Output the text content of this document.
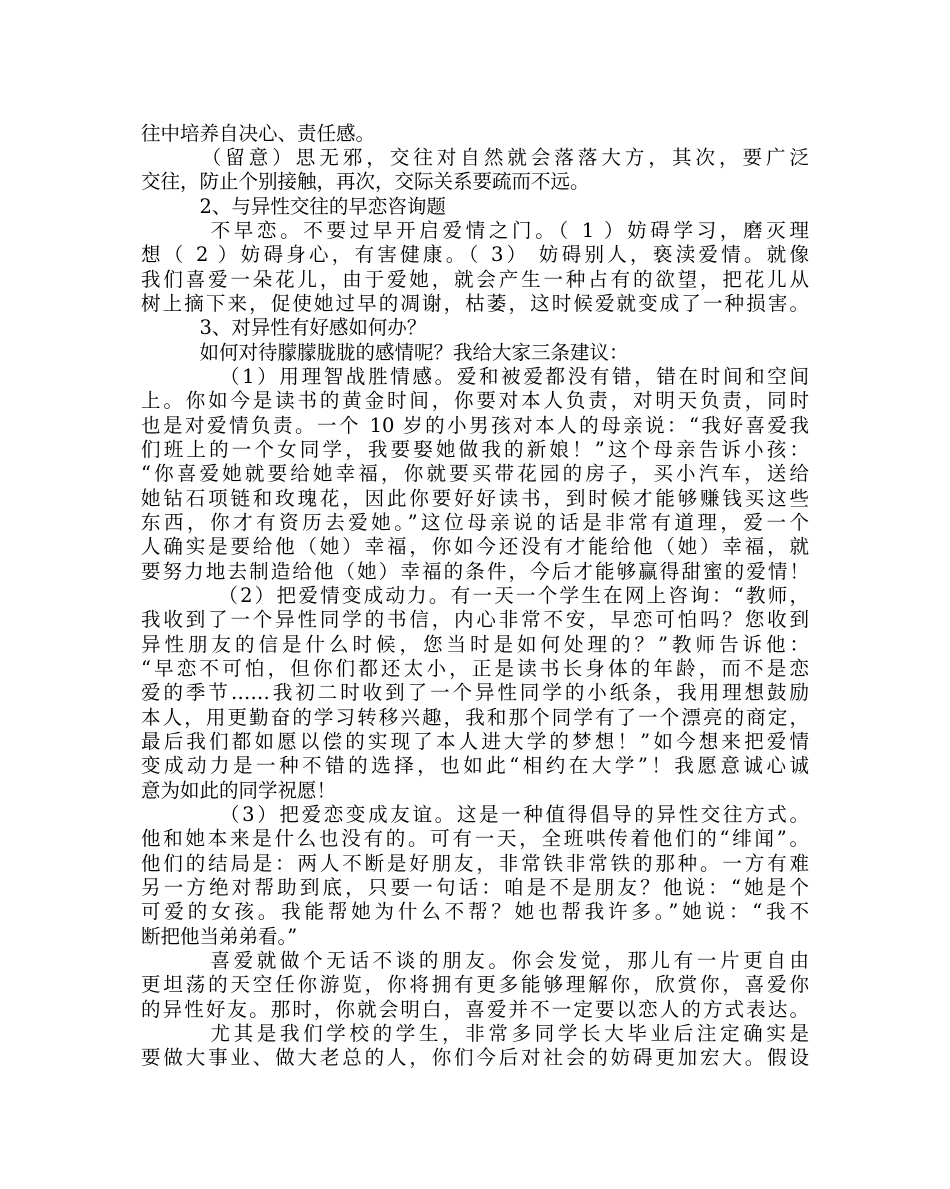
往中培养自决心、责任感。
　　　（留意）思无邪，交往对自然就会落落大方，其次，要广泛
交往，防止个别接触，再次，交际关系要疏而不远。
　　　2、与异性交往的早恋咨询题
　　　不早恋。不要过早开启爱情之门。（ 1 ）妨碍学习，磨灭理
想（ 2 ）妨碍身心，有害健康。（ 3） 妨碍别人，亵渎爱情。就像
我们喜爱一朵花儿，由于爱她，就会产生一种占有的欲望，把花儿从
树上摘下来，促使她过早的凋谢，枯萎，这时候爱就变成了一种损害。
　　　3、对异性有好感如何办？
　　　如何对待朦朦胧胧的感情呢？我给大家三条建议：
　　　　（1）用理智战胜情感。爱和被爱都没有错，错在时间和空间
上。你如今是读书的黄金时间，你要对本人负责，对明天负责，同时
也是对爱情负责。一个 10 岁的小男孩对本人的母亲说：“我好喜爱我
们班上的一个女同学，我要娶她做我的新娘！”这个母亲告诉小孩：
“你喜爱她就要给她幸福，你就要买带花园的房子，买小汽车，送给
她钻石项链和玫瑰花，因此你要好好读书，到时候才能够赚钱买这些
东西，你才有资历去爱她。”这位母亲说的话是非常有道理，爱一个
人确实是要给他（她）幸福，你如今还没有才能给他（她）幸福，就
要努力地去制造给他（她）幸福的条件，今后才能够赢得甜蜜的爱情！
　　　　（2）把爱情变成动力。有一天一个学生在网上咨询：“教师，
我收到了一个异性同学的书信，内心非常不安，早恋可怕吗？您收到
异性朋友的信是什么时候，您当时是如何处理的？”教师告诉他：
“早恋不可怕，但你们都还太小，正是读书长身体的年龄，而不是恋
爱的季节……我初二时收到了一个异性同学的小纸条，我用理想鼓励
本人，用更勤奋的学习转移兴趣，我和那个同学有了一个漂亮的商定，
最后我们都如愿以偿的实现了本人进大学的梦想！”如今想来把爱情
变成动力是一种不错的选择，也如此“相约在大学”！我愿意诚心诚
意为如此的同学祝愿！
　　　　（3）把爱恋变成友谊。这是一种值得倡导的异性交往方式。
他和她本来是什么也没有的。可有一天，全班哄传着他们的“绯闻”。
他们的结局是：两人不断是好朋友，非常铁非常铁的那种。一方有难
另一方绝对帮助到底，只要一句话：咱是不是朋友？他说：“她是个
可爱的女孩。我能帮她为什么不帮？她也帮我许多。”她说：“我不
断把他当弟弟看。”
　　　喜爱就做个无话不谈的朋友。你会发觉，那儿有一片更自由
更坦荡的天空任你游览，你将拥有更多能够理解你，欣赏你，喜爱你
的异性好友。那时，你就会明白，喜爱并不一定要以恋人的方式表达。
　　　尤其是我们学校的学生，非常多同学长大毕业后注定确实是
要做大事业、做大老总的人，你们今后对社会的妨碍更加宏大。假设
